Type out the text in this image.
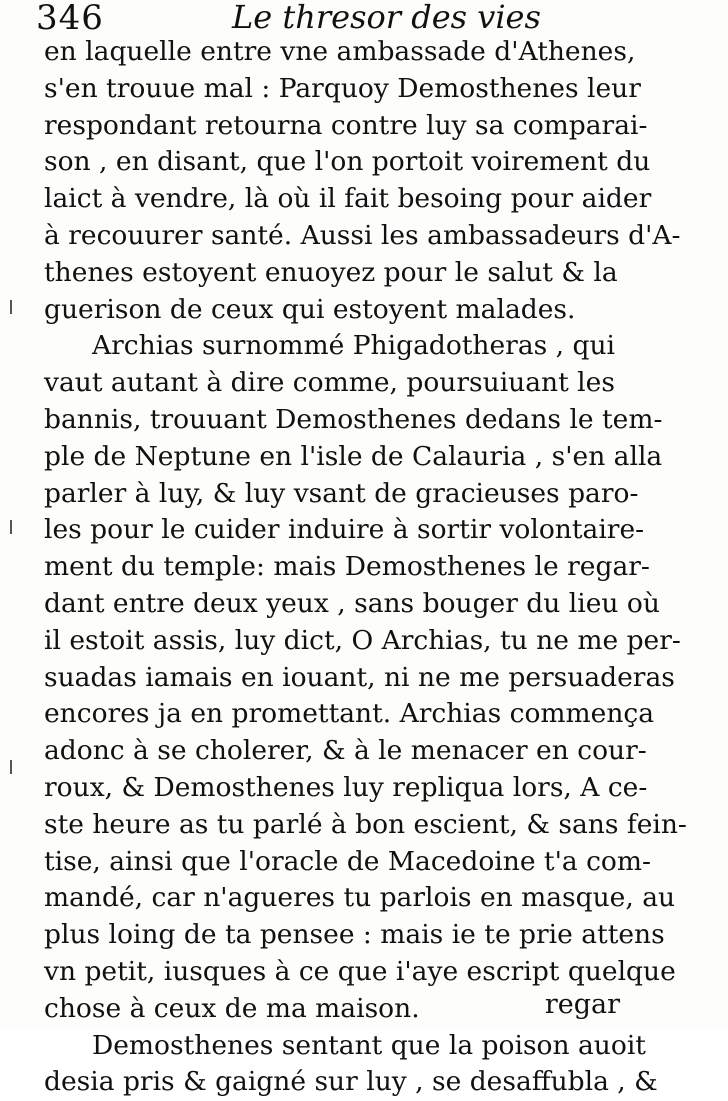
346	Le thresor des vies
en laquelle entre vne ambassade d'Athenes,
s'en trouue mal : Parquoy Demosthenes leur
respondant retourna contre luy sa comparai-
son , en disant, que l'on portoit voirement du
laict à vendre, là où il fait besoing pour aider
à recouurer santé. Aussi les ambassadeurs d'A-
thenes estoyent enuoyez pour le salut & la
guerison de ceux qui estoyent malades.
Archias surnommé Phigadotheras , qui
vaut autant à dire comme, poursuiuant les
bannis, trouuant Demosthenes dedans le tem-
ple de Neptune en l'isle de Calauria , s'en alla
parler à luy, & luy vsant de gracieuses paro-
les pour le cuider induire à sortir volontaire-
ment du temple: mais Demosthenes le regar-
dant entre deux yeux , sans bouger du lieu où
il estoit assis, luy dict, O Archias, tu ne me per-
suadas iamais en iouant, ni ne me persuaderas
encores ja en promettant. Archias commença
adonc à se cholerer, & à le menacer en cour-
roux, & Demosthenes luy repliqua lors, A ce-
ste heure as tu parlé à bon escient, & sans fein-
tise, ainsi que l'oracle de Macedoine t'a com-
mandé, car n'agueres tu parlois en masque, au
plus loing de ta pensee : mais ie te prie attens
vn petit, iusques à ce que i'aye escript quelque
chose à ceux de ma maison.
Demosthenes sentant que la poison auoit
desia pris & gaigné sur luy , se desaffubla , &
regar
